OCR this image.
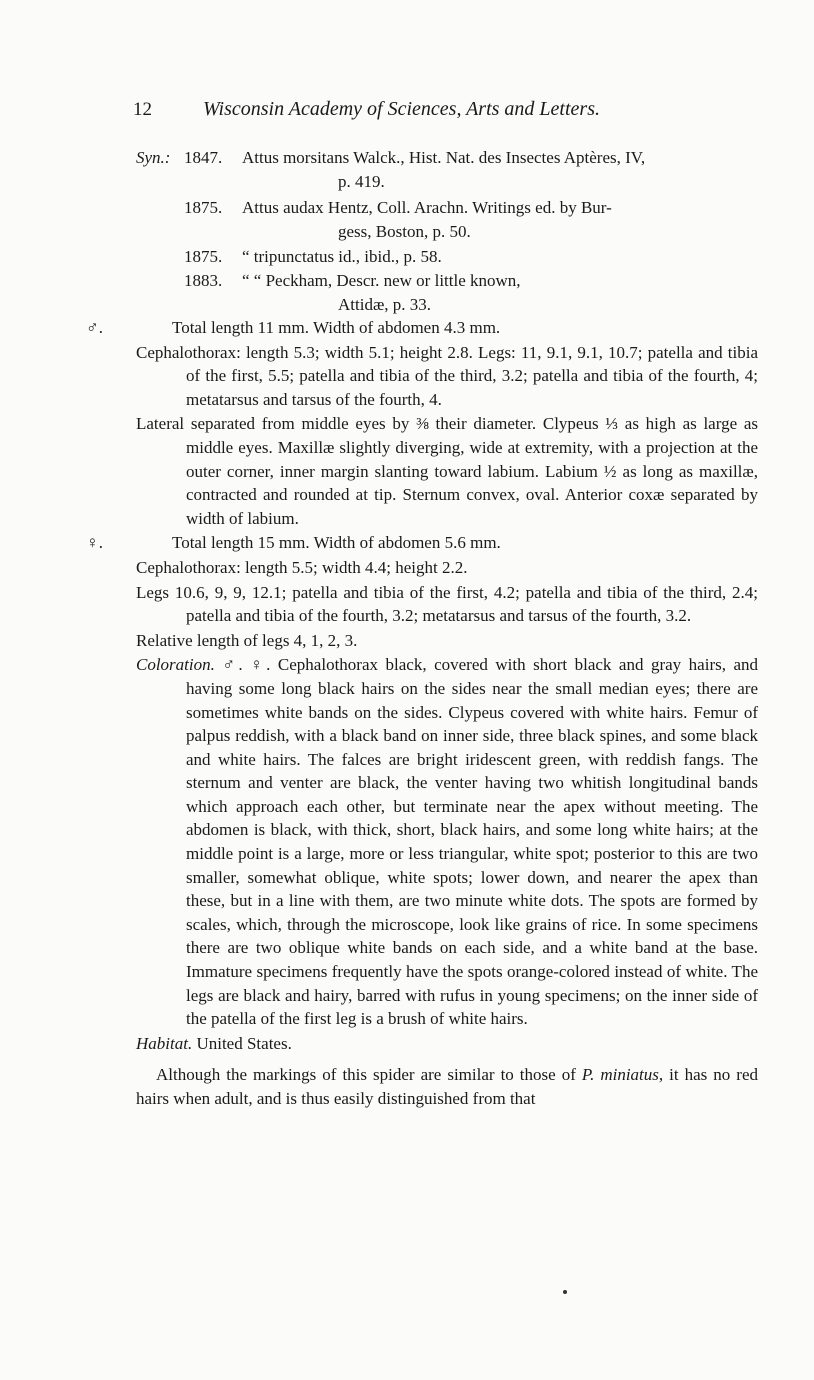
12	Wisconsin Academy of Sciences, Arts and Letters.
Syn.: 1847.	Attus morsitans Walck., Hist. Nat. des Insectes Aptères, IV,
p. 419.
1875.	Attus audax Hentz, Coll. Arachn. Writings ed. by Bur-
gess, Boston, p. 50.
1875.	“ tripunctatus id., ibid., p. 58.
1883.	“ “ Peckham, Descr. new or little known,
Attidæ, p. 33.

♂.	Total length 11 mm. Width of abdomen 4.3 mm.

Cephalothorax: length 5.3; width 5.1; height 2.8. Legs: 11, 9.1, 9.1, 10.7; patella and tibia of the first, 5.5; patella and tibia of the third, 3.2; patella and tibia of the fourth, 4; metatarsus and tarsus of the fourth, 4.

Lateral separated from middle eyes by ⅜ their diameter. Clypeus ⅓ as high as large as middle eyes. Maxillæ slightly diverging, wide at extremity, with a projection at the outer corner, inner margin slanting toward labium. Labium ½ as long as maxillæ, contracted and rounded at tip. Sternum convex, oval. Anterior coxæ separated by width of labium.

♀.	Total length 15 mm. Width of abdomen 5.6 mm.

Cephalothorax: length 5.5; width 4.4; height 2.2.

Legs 10.6, 9, 9, 12.1; patella and tibia of the first, 4.2; patella and tibia of the third, 2.4; patella and tibia of the fourth, 3.2; metatarsus and tarsus of the fourth, 3.2.

Relative length of legs 4, 1, 2, 3.

Coloration. ♂. ♀. Cephalothorax black, covered with short black and gray hairs, and having some long black hairs on the sides near the small median eyes; there are sometimes white bands on the sides. Clypeus covered with white hairs. Femur of palpus reddish, with a black band on inner side, three black spines, and some black and white hairs. The falces are bright iridescent green, with reddish fangs. The sternum and venter are black, the venter having two whitish longitudinal bands which approach each other, but terminate near the apex without meeting. The abdomen is black, with thick, short, black hairs, and some long white hairs; at the middle point is a large, more or less triangular, white spot; posterior to this are two smaller, somewhat oblique, white spots; lower down, and nearer the apex than these, but in a line with them, are two minute white dots. The spots are formed by scales, which, through the microscope, look like grains of rice. In some specimens there are two oblique white bands on each side, and a white band at the base. Immature specimens frequently have the spots orange-colored instead of white. The legs are black and hairy, barred with rufus in young specimens; on the inner side of the patella of the first leg is a brush of white hairs.

Habitat. United States.

Although the markings of this spider are similar to those of P. miniatus, it has no red hairs when adult, and is thus easily distinguished from that
